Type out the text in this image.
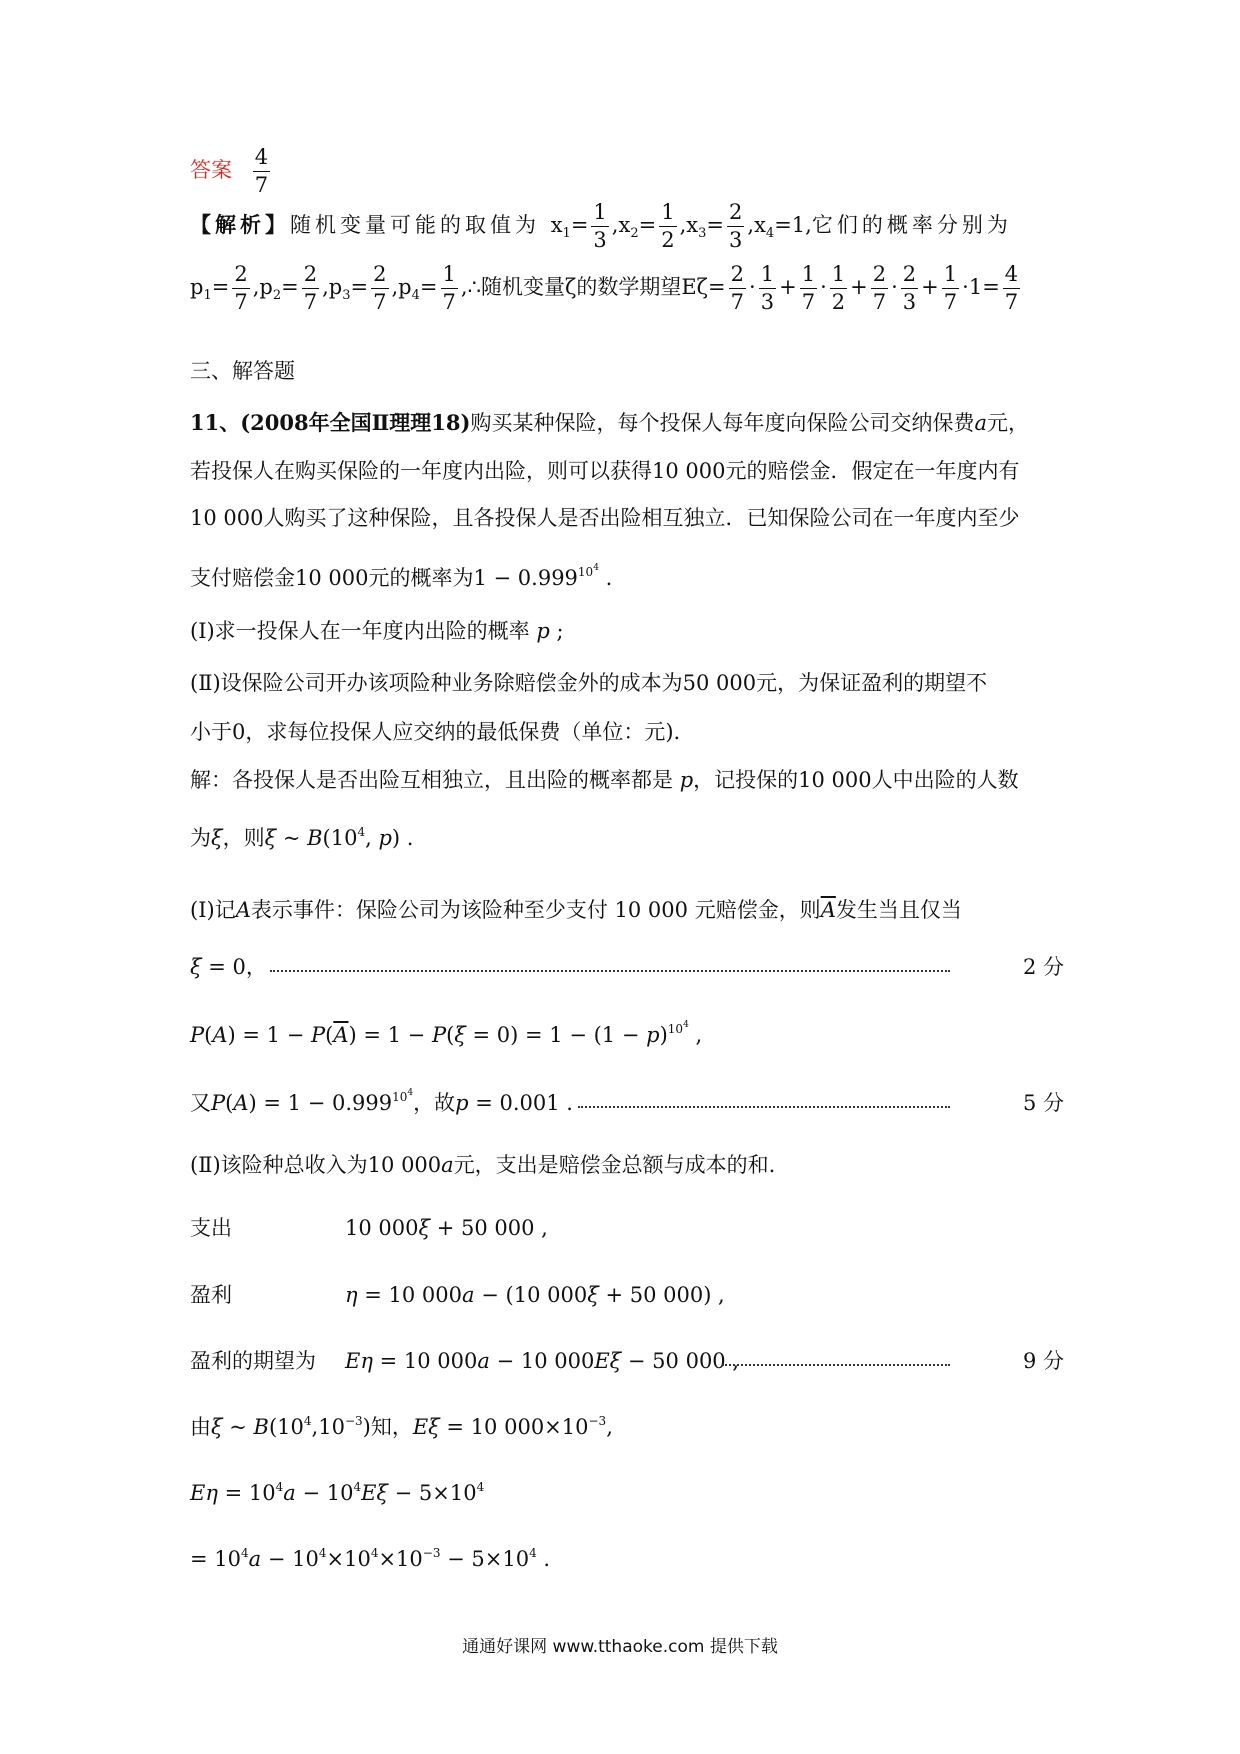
答案 $\frac{4}{7}$
【解析】随机变量可能的取值为 $x_1= \frac{1}{3} ,x_2= \frac{1}{2} ,x_3= \frac{2}{3} ,x_4=1$,它们的概率分别为
$p_1= \frac{2}{7} ,p_2= \frac{2}{7} ,p_3= \frac{2}{7} ,p_4= \frac{1}{7}$ ,∴随机变量ζ的数学期望$E\zeta= \frac{2}{7} \cdot \frac{1}{3} + \frac{1}{7} \cdot \frac{1}{2} + \frac{2}{7} \cdot \frac{2}{3} + \frac{1}{7} \cdot 1= \frac{4}{7}$
三、解答题
11、(2008年全国Ⅱ理理18)购买某种保险，每个投保人每年度向保险公司交纳保费a元，
若投保人在购买保险的一年度内出险，则可以获得10 000元的赔偿金．假定在一年度内有
10 000人购买了这种保险，且各投保人是否出险相互独立．已知保险公司在一年度内至少
支付赔偿金10 000元的概率为$1 - 0.999^{10^4}$ .
(Ⅰ)求一投保人在一年度内出险的概率 p ;
(Ⅱ)设保险公司开办该项险种业务除赔偿金外的成本为50 000元，为保证盈利的期望不
小于0，求每位投保人应交纳的最低保费（单位：元).
解：各投保人是否出险互相独立，且出险的概率都是 p，记投保的10 000人中出险的人数
为ξ，则ξ ~ $B(10^4$, p) .
(Ⅰ)记A表示事件：保险公司为该险种至少支付 10 000 元赔偿金，则$\overline{A}$发生当且仅当
ξ = 0，	2 分
$P(A) = 1 - P(\overline{A}) = 1 - P(\xi = 0) = 1 - (1 - p)^{10^4}$ ,
又$P(A) = 1 - 0.999^{10^4}$，故p = 0.001 .	5 分
(Ⅱ)该险种总收入为10 000a元，支出是赔偿金总额与成本的和.
支出	10 000ξ + 50 000 ,
盈利	η = 10 000a − (10 000ξ + 50 000) ,
盈利的期望为 Eη = 10 000a − 10 000Eξ − 50 000 ,	9 分
由ξ ~ $B(10^4,10^{-3})$知，Eξ = 10 $000\times 10^{-3}$,
$E\eta = 10^4a - 10^4E\xi - 5\times 10^4$
= $10^4a - 10^4\times 10^4\times 10^{-3} - 5\times 10^4$ .
通通好课网 www.tthaoke.com 提供下载
